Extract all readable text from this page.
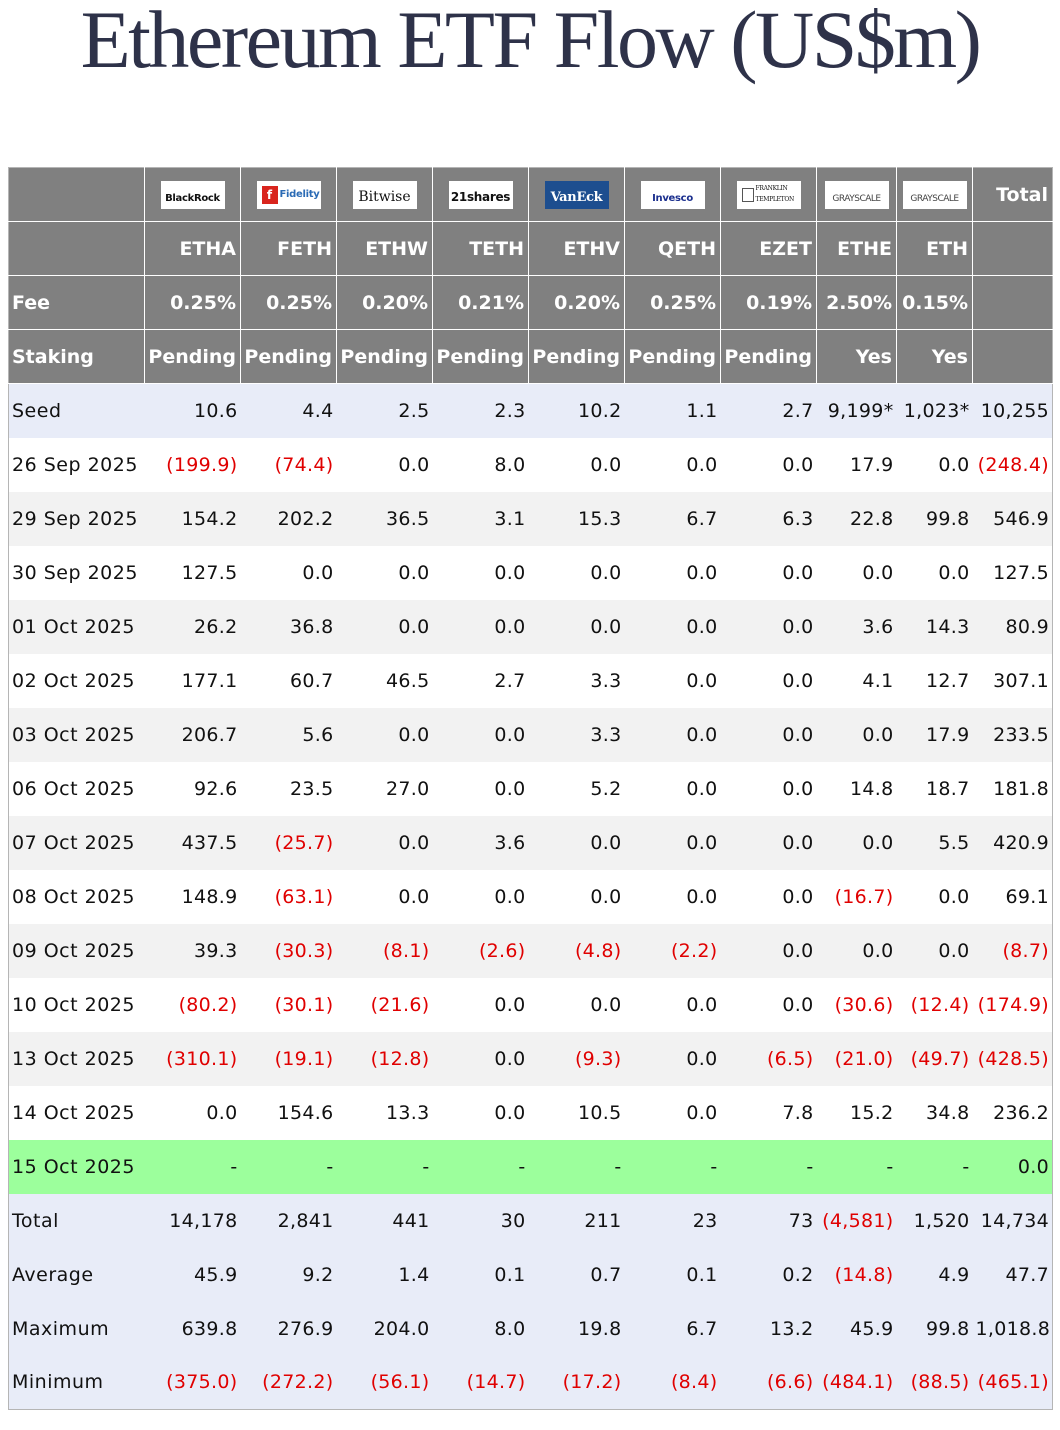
Ethereum ETF Flow (US$m)
	BlackRock	f Fidelity	Bitwise	21shares	VanEck	Invesco	FRANKLIN TEMPLETON	GRAYSCALE	GRAYSCALE	Total
	ETHA	FETH	ETHW	TETH	ETHV	QETH	EZET	ETHE	ETH	
Fee	0.25%	0.25%	0.20%	0.21%	0.20%	0.25%	0.19%	2.50%	0.15%	
Staking	Pending	Pending	Pending	Pending	Pending	Pending	Pending	Yes	Yes	
Seed	10.6	4.4	2.5	2.3	10.2	1.1	2.7	9,199*	1,023*	10,255
26 Sep 2025	(199.9)	(74.4)	0.0	8.0	0.0	0.0	0.0	17.9	0.0	(248.4)
29 Sep 2025	154.2	202.2	36.5	3.1	15.3	6.7	6.3	22.8	99.8	546.9
30 Sep 2025	127.5	0.0	0.0	0.0	0.0	0.0	0.0	0.0	0.0	127.5
01 Oct 2025	26.2	36.8	0.0	0.0	0.0	0.0	0.0	3.6	14.3	80.9
02 Oct 2025	177.1	60.7	46.5	2.7	3.3	0.0	0.0	4.1	12.7	307.1
03 Oct 2025	206.7	5.6	0.0	0.0	3.3	0.0	0.0	0.0	17.9	233.5
06 Oct 2025	92.6	23.5	27.0	0.0	5.2	0.0	0.0	14.8	18.7	181.8
07 Oct 2025	437.5	(25.7)	0.0	3.6	0.0	0.0	0.0	0.0	5.5	420.9
08 Oct 2025	148.9	(63.1)	0.0	0.0	0.0	0.0	0.0	(16.7)	0.0	69.1
09 Oct 2025	39.3	(30.3)	(8.1)	(2.6)	(4.8)	(2.2)	0.0	0.0	0.0	(8.7)
10 Oct 2025	(80.2)	(30.1)	(21.6)	0.0	0.0	0.0	0.0	(30.6)	(12.4)	(174.9)
13 Oct 2025	(310.1)	(19.1)	(12.8)	0.0	(9.3)	0.0	(6.5)	(21.0)	(49.7)	(428.5)
14 Oct 2025	0.0	154.6	13.3	0.0	10.5	0.0	7.8	15.2	34.8	236.2
15 Oct 2025	-	-	-	-	-	-	-	-	-	0.0
Total	14,178	2,841	441	30	211	23	73	(4,581)	1,520	14,734
Average	45.9	9.2	1.4	0.1	0.7	0.1	0.2	(14.8)	4.9	47.7
Maximum	639.8	276.9	204.0	8.0	19.8	6.7	13.2	45.9	99.8	1,018.8
Minimum	(375.0)	(272.2)	(56.1)	(14.7)	(17.2)	(8.4)	(6.6)	(484.1)	(88.5)	(465.1)
